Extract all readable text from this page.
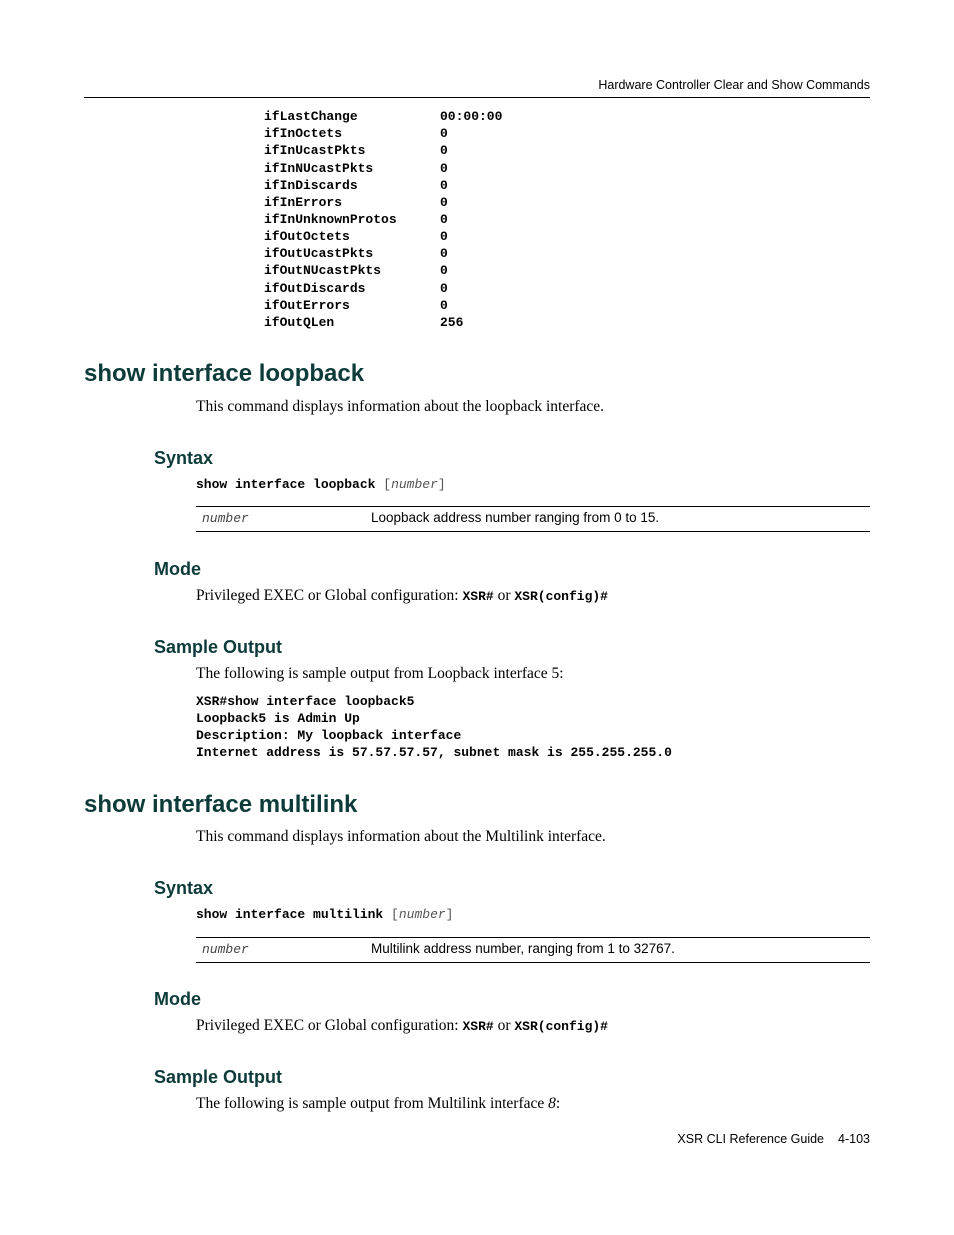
Hardware Controller Clear and Show Commands
ifLastChange	00:00:00
ifInOctets	0
ifInUcastPkts	0
ifInNUcastPkts	0
ifInDiscards	0
ifInErrors	0
ifInUnknownProtos	0
ifOutOctets	0
ifOutUcastPkts	0
ifOutNUcastPkts	0
ifOutDiscards	0
ifOutErrors	0
ifOutQLen	256
show interface loopback
This command displays information about the loopback interface.
Syntax
show interface loopback [number]
number	Loopback address number ranging from 0 to 15.
Mode
Privileged EXEC or Global configuration: XSR# or XSR(config)#
Sample Output
The following is sample output from Loopback interface 5:
XSR#show interface loopback5
Loopback5 is Admin Up
Description: My loopback interface
Internet address is 57.57.57.57, subnet mask is 255.255.255.0
show interface multilink
This command displays information about the Multilink interface.
Syntax
show interface multilink [number]
number	Multilink address number, ranging from 1 to 32767.
Mode
Privileged EXEC or Global configuration: XSR# or XSR(config)#
Sample Output
The following is sample output from Multilink interface 8:
XSR CLI Reference Guide 4-103
